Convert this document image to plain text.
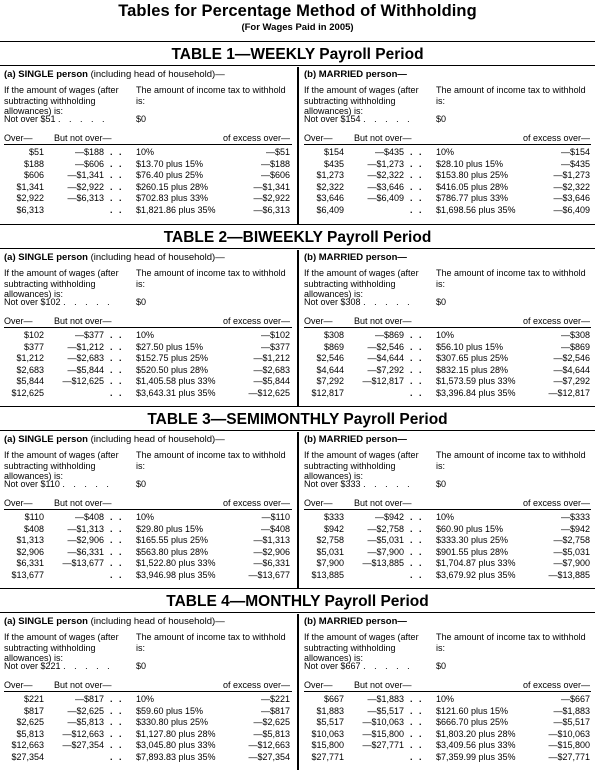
Tables for Percentage Method of Withholding
(For Wages Paid in 2005)
TABLE 1—WEEKLY Payroll Period
(a) SINGLE person (including head of household)—
If the amount of wages (after subtracting withholding allowances) is:
The amount of income tax to withhold is:
Not over $51 . . . . .	$0
Over— But not over—	of excess over—
$51	—$188 . . 10%	—$51
$188	—$606 . . $13.70 plus 15%	—$188
$606	—$1,341 . . $76.40 plus 25%	—$606
$1,341	—$2,922 . . $260.15 plus 28%	—$1,341
$2,922	—$6,313 . . $702.83 plus 33%	—$2,922
$6,313	. . $1,821.86 plus 35%	—$6,313
(b) MARRIED person—
If the amount of wages (after subtracting withholding allowances) is:
The amount of income tax to withhold is:
Not over $154 . . . . .	$0
Over— But not over—	of excess over—
$154	—$435 . . 10%	—$154
$435	—$1,273 . . $28.10 plus 15%	—$435
$1,273	—$2,322 . . $153.80 plus 25%	—$1,273
$2,322	—$3,646 . . $416.05 plus 28%	—$2,322
$3,646	—$6,409 . . $786.77 plus 33%	—$3,646
$6,409	. . $1,698.56 plus 35%	—$6,409
TABLE 2—BIWEEKLY Payroll Period
(a) SINGLE person (including head of household)—
If the amount of wages (after subtracting withholding allowances) is:
The amount of income tax to withhold is:
Not over $102 . . . . .	$0
Over— But not over—	of excess over—
$102	—$377 . . 10%	—$102
$377	—$1,212 . . $27.50 plus 15%	—$377
$1,212	—$2,683 . . $152.75 plus 25%	—$1,212
$2,683	—$5,844 . . $520.50 plus 28%	—$2,683
$5,844	—$12,625 . . $1,405.58 plus 33%	—$5,844
$12,625	. . $3,643.31 plus 35%	—$12,625
(b) MARRIED person—
If the amount of wages (after subtracting withholding allowances) is:
The amount of income tax to withhold is:
Not over $308 . . . . .	$0
Over— But not over—	of excess over—
$308	—$869 . . 10%	—$308
$869	—$2,546 . . $56.10 plus 15%	—$869
$2,546	—$4,644 . . $307.65 plus 25%	—$2,546
$4,644	—$7,292 . . $832.15 plus 28%	—$4,644
$7,292	—$12,817 . . $1,573.59 plus 33%	—$7,292
$12,817	. . $3,396.84 plus 35%	—$12,817
TABLE 3—SEMIMONTHLY Payroll Period
(a) SINGLE person (including head of household)—
If the amount of wages (after subtracting withholding allowances) is:
The amount of income tax to withhold is:
Not over $110 . . . . .	$0
Over— But not over—	of excess over—
$110	—$408 . . 10%	—$110
$408	—$1,313 . . $29.80 plus 15%	—$408
$1,313	—$2,906 . . $165.55 plus 25%	—$1,313
$2,906	—$6,331 . . $563.80 plus 28%	—$2,906
$6,331	—$13,677 . . $1,522.80 plus 33%	—$6,331
$13,677	. . $3,946.98 plus 35%	—$13,677
(b) MARRIED person—
If the amount of wages (after subtracting withholding allowances) is:
The amount of income tax to withhold is:
Not over $333 . . . . .	$0
Over— But not over—	of excess over—
$333	—$942 . . 10%	—$333
$942	—$2,758 . . $60.90 plus 15%	—$942
$2,758	—$5,031 . . $333.30 plus 25%	—$2,758
$5,031	—$7,900 . . $901.55 plus 28%	—$5,031
$7,900	—$13,885 . . $1,704.87 plus 33%	—$7,900
$13,885	. . $3,679.92 plus 35%	—$13,885
TABLE 4—MONTHLY Payroll Period
(a) SINGLE person (including head of household)—
If the amount of wages (after subtracting withholding allowances) is:
The amount of income tax to withhold is:
Not over $221 . . . . .	$0
Over— But not over—	of excess over—
$221	—$817 . . 10%	—$221
$817	—$2,625 . . $59.60 plus 15%	—$817
$2,625	—$5,813 . . $330.80 plus 25%	—$2,625
$5,813	—$12,663 . . $1,127.80 plus 28%	—$5,813
$12,663	—$27,354 . . $3,045.80 plus 33%	—$12,663
$27,354	. . $7,893.83 plus 35%	—$27,354
(b) MARRIED person—
If the amount of wages (after subtracting withholding allowances) is:
The amount of income tax to withhold is:
Not over $667 . . . . .	$0
Over— But not over—	of excess over—
$667	—$1,883 . . 10%	—$667
$1,883	—$5,517 . . $121.60 plus 15%	—$1,883
$5,517	—$10,063 . . $666.70 plus 25%	—$5,517
$10,063	—$15,800 . . $1,803.20 plus 28%	—$10,063
$15,800	—$27,771 . . $3,409.56 plus 33%	—$15,800
$27,771	. . $7,359.99 plus 35%	—$27,771
